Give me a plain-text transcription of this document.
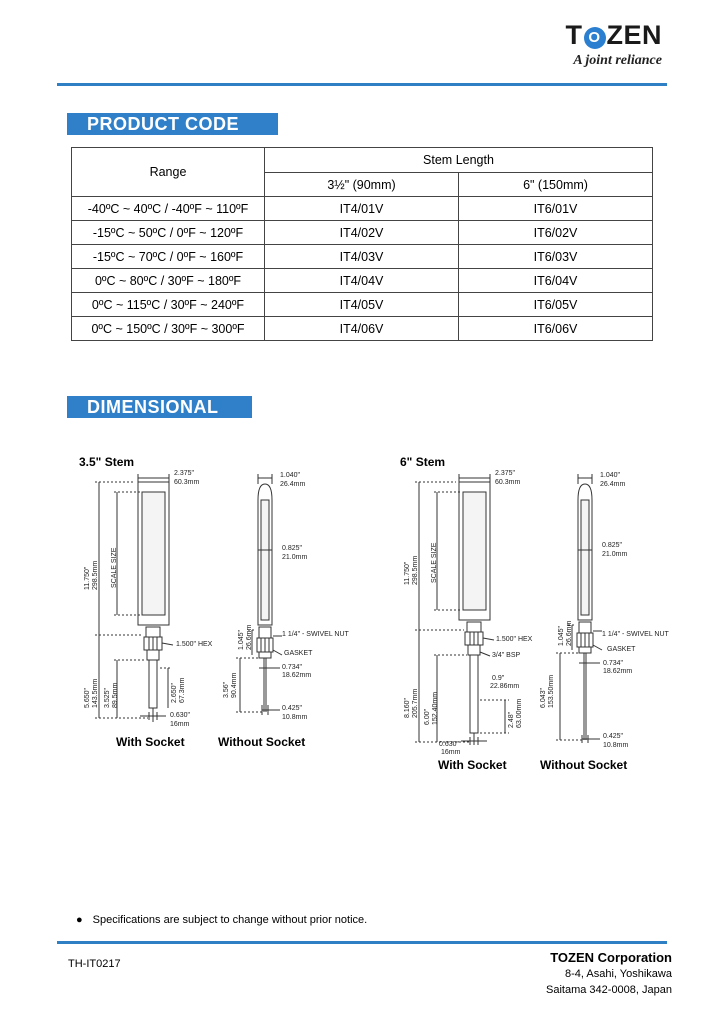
T O ZEN
A joint reliance
PRODUCT CODE
Range	Stem Length	
	3½" (90mm)	6" (150mm)
-40ºC ~ 40ºC / -40ºF ~ 110ºF	IT4/01V	IT6/01V
-15ºC ~ 50ºC / 0ºF ~ 120ºF	IT4/02V	IT6/02V
-15ºC ~ 70ºC / 0ºF ~ 160ºF	IT4/03V	IT6/03V
0ºC ~ 80ºC / 30ºF ~ 180ºF	IT4/04V	IT6/04V
0ºC ~ 115ºC / 30ºF ~ 240ºF	IT4/05V	IT6/05V
0ºC ~ 150ºC / 30ºF ~ 300ºF	IT4/06V	IT6/06V
DIMENSIONAL
3.5" Stem
2.375"
60.3mm
11.750" 298.5mm SCALE SIZE
1.500" HEX
5.650" 143.5mm 3.525" 89.5mm	2.650" 67.3mm
0.630"
16mm
1.040"
26.4mm
0.825"
21.0mm
1 1/4" - SWIVEL NUT
GASKET
1.045" 26.6mm
0.734"
18.62mm
3.56" 90.4mm
0.425"
10.8mm
With Socket	Without Socket
6" Stem
2.375"
60.3mm
11.750" 298.5mm SCALE SIZE
1.500" HEX
3/4" BSP
0.9"
22.86mm
8.160" 205.7mm 6.00" 152.40mm	2.48" 63.00mm
0.630"
16mm
1.040"
26.4mm
0.825"
21.0mm
1 1/4" - SWIVEL NUT
GASKET
1.045" 26.6mm
0.734"
18.62mm
6.043" 153.50mm
0.425"
10.8mm
With Socket	Without Socket
● Specifications are subject to change without prior notice.
TH-IT0217	TOZEN Corporation
8-4, Asahi, Yoshikawa
Saitama 342-0008, Japan
